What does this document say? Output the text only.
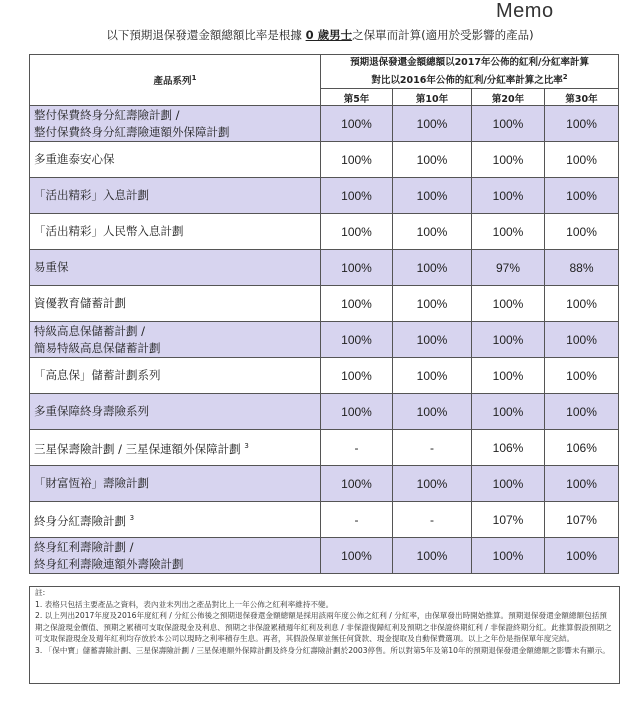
Memo
以下預期退保發還金額總額比率是根據 0 歲男士之保單而計算(適用於受影響的產品)
產品系列$^1$	預期退保發還金額總額以2017年公佈的紅利/分紅率計算
對比以2016年公佈的紅利/分紅率計算之比率$^2$

	第5年	第10年	第20年	第30年

整付保費終身分紅壽險計劃 /
整付保費終身分紅壽險連額外保障計劃	100%	100%	100%	100%

多重進泰安心保	100%	100%	100%	100%

「活出精彩」入息計劃	100%	100%	100%	100%

「活出精彩」人民幣入息計劃	100%	100%	100%	100%

易重保	100%	100%	97%	88%

資優教育儲蓄計劃	100%	100%	100%	100%

特級高息保儲蓄計劃 /
簡易特級高息保儲蓄計劃	100%	100%	100%	100%

「高息保」儲蓄計劃系列	100%	100%	100%	100%

多重保障終身壽險系列	100%	100%	100%	100%

三星保壽險計劃 / 三星保連額外保障計劃 $^3$	-	-	106%	106%

「財富恆裕」壽險計劃	100%	100%	100%	100%

終身分紅壽險計劃 $^3$	-	-	107%	107%

終身紅利壽險計劃 /
終身紅利壽險連額外壽險計劃	100%	100%	100%	100%
註:
1. 表格只包括主要產品之資料，表內並未列出之產品對比上一年公佈之紅利率維持不變。
2. 以上列出2017年度及2016年度紅利 / 分紅公佈後之預期退保發還金額總額是採用該兩年度公佈之紅利 / 分紅率，由保單發出時開始推算。預期退保發還金額總額包括預期之保證現金價值、預期之累積可支取保證現金及利息、預期之非保證累積週年紅利及利息 / 非保證復歸紅利及預期之非保證終期紅利 / 非保證終期分紅。此推算假設預期之可支取保證現金及週年紅利均存放於本公司以現時之利率積存生息。再者，其假設保單並無任何貸款、現金提取及自動保費選項。以上之年份是指保單年度完結。
3. 「保中寶」儲蓄壽險計劃、三星保壽險計劃 / 三星保連額外保障計劃及終身分紅壽險計劃於2003停售。所以對第5年及第10年的預期退保發還金額總額之影響未有顯示。
